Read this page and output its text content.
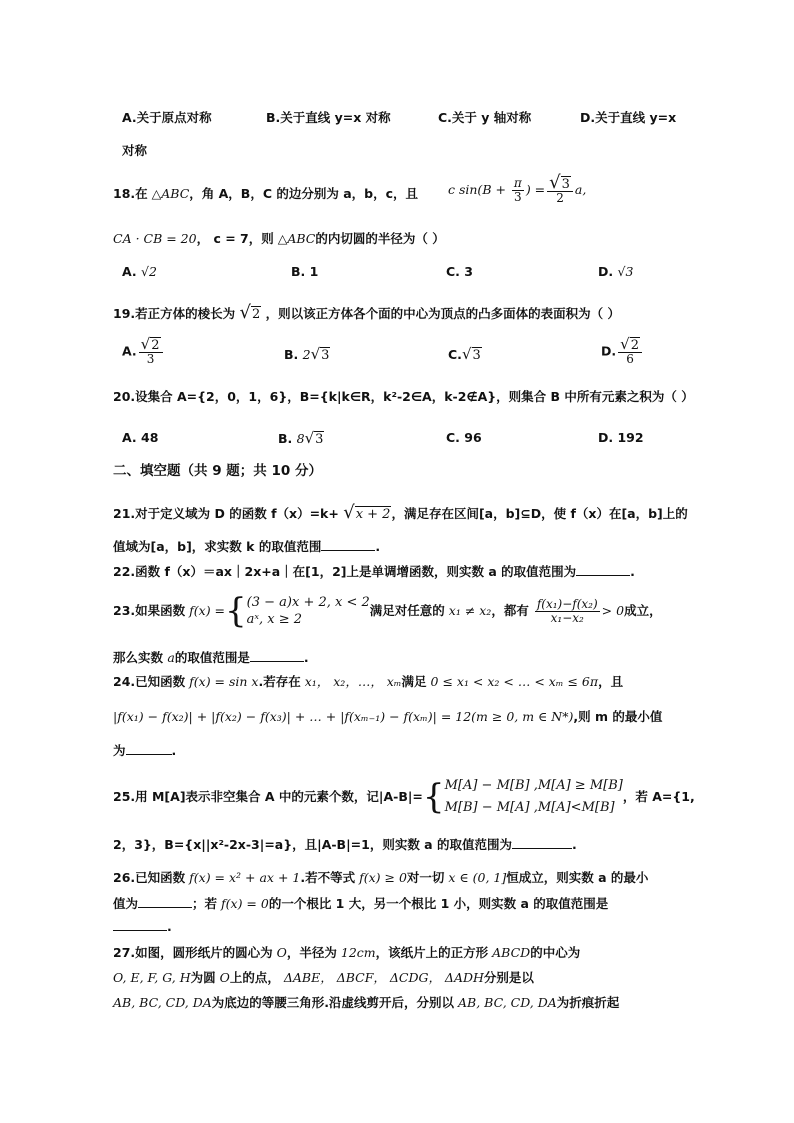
A.关于原点对称	B.关于直线 y=x 对称	C.关于 y 轴对称	D.关于直线 y=x
对称
18.在 △ABC，角 A，B，C 的边分别为 a，b，c，且 c $\sin(B + \frac{\pi}{3}$ ) = $\frac{√3}{2} a$,
CA · CB = 20， c = 7，则 △ABC的内切圆的半径为（ ）
A. √2	B. 1	C. 3	D. √3
19.若正方体的棱长为 √2 ，则以该正方体各个面的中心为顶点的凸多面体的表面积为（ ）
A. $\frac{√2}{3}$	B. 2√3	C.√3	D. $\frac{√2}{6}$
20.设集合 A={2，0，1，6}，B={k|k∈R，k²-2∈A，k-2∉A}，则集合 B 中所有元素之积为（ ）
A. 48	B. 8√3	C. 96	D. 192
二、填空题（共 9 题；共 10 分）
21.对于定义域为 D 的函数 f（x）=k+ √x + 2，满足存在区间[a，b]⊆D，使 f（x）在[a，b]上的
值域为[a，b]，求实数 k 的取值范围	.
22.函数 f（x）＝ax｜2x+a｜在[1，2]上是单调增函数，则实数 a 的取值范围为	.
23.如果函数 f(x) ={ (3 − a)x + 2, x < 2
aˣ, x ≥ 2
满足对任意的 x₁ ≠ x₂，都有 $\frac{\text{f(x₁)−f(x₂)}}{\text{x₁−x₂}} > 0$成立，
那么实数 a的取值范围是	.
24.已知函数 f(x) = sin x.若存在 x₁， x₂，…， xₘ满足 0 ≤ x₁ < x₂ < … < xₘ ≤ 6π，且
|f(x₁) − f(x₂)| + |f(x₂) − f(x₃)| + … + |f(xₘ₋₁) − f(xₘ)| = 12(m ≥ 0, m ∈ N*),则 m 的最小值
为	.
25.用 M[A]表示非空集合 A 中的元素个数，记|A-B|={ M[A] − M[B] ,M[A] ≥ M[B]
M[B] − M[A] ,M[A]<M[B]
，若 A={1,
2，3}，B={x||x²-2x-3|=a}，且|A-B|=1，则实数 a 的取值范围为	.
26.已知函数 f(x) = x² + ax + 1.若不等式 f(x) ≥ 0对一切 x ∈ (0, 1]恒成立，则实数 a 的最小
值为	；若 f(x) = 0的一个根比 1 大，另一个根比 1 小，则实数 a 的取值范围是
.
27.如图，圆形纸片的圆心为 O，半径为 12cm，该纸片上的正方形 ABCD的中心为
O, E, F, G, H为圆 O上的点， ΔABE， ΔBCF， ΔCDG， ΔADH分别是以
AB, BC, CD, DA为底边的等腰三角形.沿虚线剪开后，分别以 AB, BC, CD, DA为折痕折起
